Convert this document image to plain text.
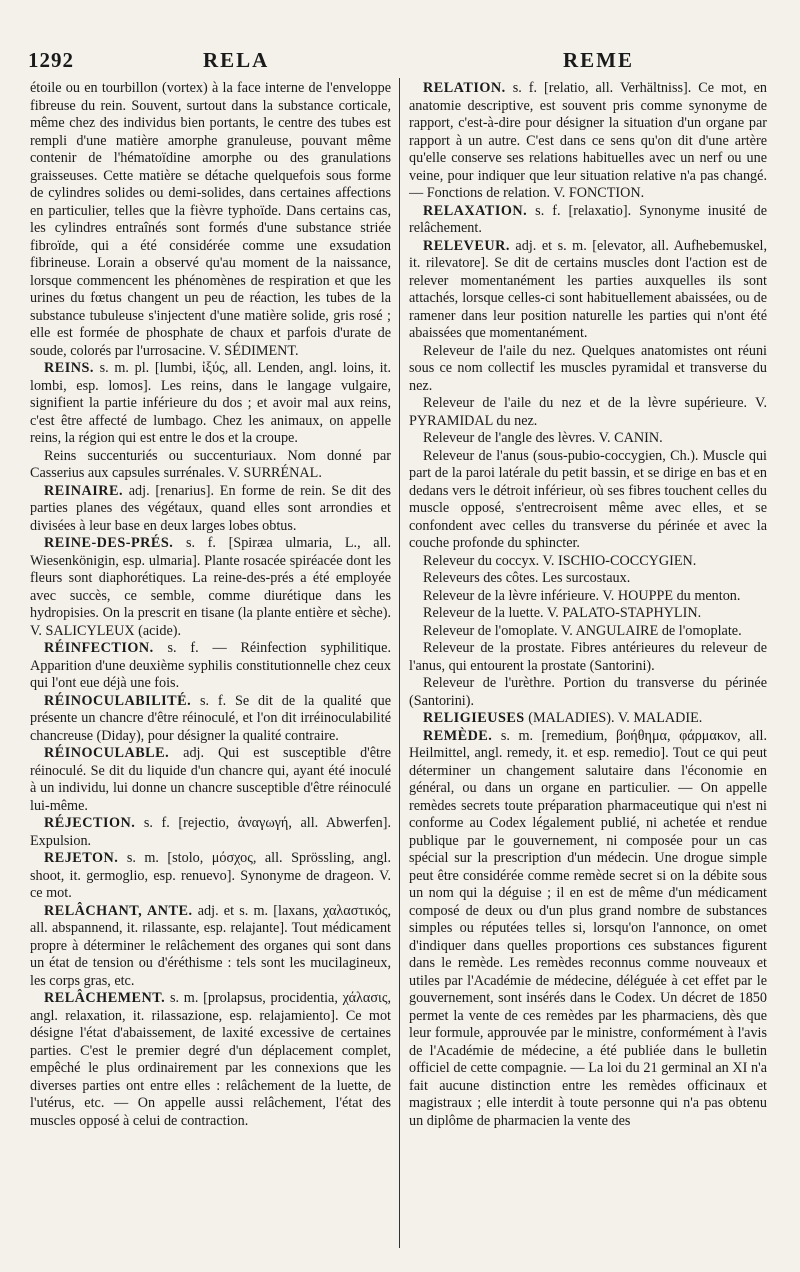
1292	RELA	REME

étoile ou en tourbillon (vortex) à la face interne de l'enveloppe fibreuse du rein. Souvent, surtout dans la substance corticale, même chez des individus bien portants, le centre des tubes est rempli d'une matière amorphe granuleuse, pouvant même contenir de l'hématoïdine amorphe ou des granulations graisseuses. Cette matière se détache quelquefois sous forme de cylindres solides ou demi-solides, dans certaines affections en particulier, telles que la fièvre typhoïde. Dans certains cas, les cylindres entraînés sont formés d'une substance striée fibroïde, qui a été considérée comme une exsudation fibrineuse. Lorain a observé qu'au moment de la naissance, lorsque commencent les phénomènes de respiration et que les urines du fœtus changent un peu de réaction, les tubes de la substance tubuleuse s'injectent d'une matière solide, gris rosé ; elle est formée de phosphate de chaux et parfois d'urate de soude, colorés par l'urrosacine. V. SÉDIMENT.

REINS. s. m. pl. [lumbi, ἰξύς, all. Lenden, angl. loins, it. lombi, esp. lomos]. Les reins, dans le langage vulgaire, signifient la partie inférieure du dos ; et avoir mal aux reins, c'est être affecté de lumbago. Chez les animaux, on appelle reins, la région qui est entre le dos et la croupe.

Reins succenturiés ou succenturiaux. Nom donné par Casserius aux capsules surrénales. V. SURRÉNAL.

REINAIRE. adj. [renarius]. En forme de rein. Se dit des parties planes des végétaux, quand elles sont arrondies et divisées à leur base en deux larges lobes obtus.

REINE-DES-PRÉS. s. f. [Spiræa ulmaria, L., all. Wiesenkönigin, esp. ulmaria]. Plante rosacée spiréacée dont les fleurs sont diaphorétiques. La reine-des-prés a été employée avec succès, ce semble, comme diurétique dans les hydropisies. On la prescrit en tisane (la plante entière et sèche). V. SALICYLEUX (acide).

RÉINFECTION. s. f. — Réinfection syphilitique. Apparition d'une deuxième syphilis constitutionnelle chez ceux qui l'ont eue déjà une fois.

RÉINOCULABILITÉ. s. f. Se dit de la qualité que présente un chancre d'être réinoculé, et l'on dit irréinoculabilité chancreuse (Diday), pour désigner la qualité contraire.

RÉINOCULABLE. adj. Qui est susceptible d'être réinoculé. Se dit du liquide d'un chancre qui, ayant été inoculé à un individu, lui donne un chancre susceptible d'être réinoculé lui-même.

RÉJECTION. s. f. [rejectio, ἀναγωγή, all. Abwerfen]. Expulsion.

REJETON. s. m. [stolo, μόσχος, all. Sprössling, angl. shoot, it. germoglio, esp. renuevo]. Synonyme de drageon. V. ce mot.

RELÂCHANT, ANTE. adj. et s. m. [laxans, χαλαστικός, all. abspannend, it. rilassante, esp. relajante]. Tout médicament propre à déterminer le relâchement des organes qui sont dans un état de tension ou d'éréthisme : tels sont les mucilagineux, les corps gras, etc.

RELÂCHEMENT. s. m. [prolapsus, procidentia, χάλασις, angl. relaxation, it. rilassazione, esp. relajamiento]. Ce mot désigne l'état d'abaissement, de laxité excessive de certaines parties. C'est le premier degré d'un déplacement complet, empêché le plus ordinairement par les connexions que les diverses parties ont entre elles : relâchement de la luette, de l'utérus, etc. — On appelle aussi relâchement, l'état des muscles opposé à celui de contraction.

RELATION. s. f. [relatio, all. Verhältniss]. Ce mot, en anatomie descriptive, est souvent pris comme synonyme de rapport, c'est-à-dire pour désigner la situation d'un organe par rapport à un autre. C'est dans ce sens qu'on dit d'une artère qu'elle conserve ses relations habituelles avec un nerf ou une veine, pour indiquer que leur situation relative n'a pas changé. — Fonctions de relation. V. FONCTION.

RELAXATION. s. f. [relaxatio]. Synonyme inusité de relâchement.

RELEVEUR. adj. et s. m. [elevator, all. Aufhebemuskel, it. rilevatore]. Se dit de certains muscles dont l'action est de relever momentanément les parties auxquelles ils sont attachés, lorsque celles-ci sont habituellement abaissées, ou de ramener dans leur position naturelle les parties qui n'ont été abaissées que momentanément.

Releveur de l'aile du nez. Quelques anatomistes ont réuni sous ce nom collectif les muscles pyramidal et transverse du nez.

Releveur de l'aile du nez et de la lèvre supérieure. V. PYRAMIDAL du nez.

Releveur de l'angle des lèvres. V. CANIN.

Releveur de l'anus (sous-pubio-coccygien, Ch.). Muscle qui part de la paroi latérale du petit bassin, et se dirige en bas et en dedans vers le détroit inférieur, où ses fibres touchent celles du muscle opposé, s'entrecroisent même avec elles, et se confondent avec celles du transverse du périnée et avec la couche profonde du sphincter.

Releveur du coccyx. V. ISCHIO-COCCYGIEN.

Releveurs des côtes. Les surcostaux.

Releveur de la lèvre inférieure. V. HOUPPE du menton.

Releveur de la luette. V. PALATO-STAPHYLIN.

Releveur de l'omoplate. V. ANGULAIRE de l'omoplate.

Releveur de la prostate. Fibres antérieures du releveur de l'anus, qui entourent la prostate (Santorini).

Releveur de l'urèthre. Portion du transverse du périnée (Santorini).

RELIGIEUSES (MALADIES). V. MALADIE.

REMÈDE. s. m. [remedium, βοήθημα, φάρμακον, all. Heilmittel, angl. remedy, it. et esp. remedio]. Tout ce qui peut déterminer un changement salutaire dans l'économie en général, ou dans un organe en particulier. — On appelle remèdes secrets toute préparation pharmaceutique qui n'est ni conforme au Codex légalement publié, ni achetée et rendue publique par le gouvernement, ni composée pour un cas spécial sur la prescription d'un médecin. Une drogue simple peut être considérée comme remède secret si on la débite sous un nom qui la déguise ; il en est de même d'un médicament composé de deux ou d'un plus grand nombre de substances simples ou réputées telles si, lorsqu'on l'annonce, on omet d'indiquer dans quelles proportions ces substances figurent dans le remède. Les remèdes reconnus comme nouveaux et utiles par l'Académie de médecine, déléguée à cet effet par le gouvernement, sont insérés dans le Codex. Un décret de 1850 permet la vente de ces remèdes par les pharmaciens, dès que leur formule, approuvée par le ministre, conformément à l'avis de l'Académie de médecine, a été publiée dans le bulletin officiel de cette compagnie. — La loi du 21 germinal an XI n'a fait aucune distinction entre les remèdes officinaux et magistraux ; elle interdit à toute personne qui n'a pas obtenu un diplôme de pharmacien la vente des
